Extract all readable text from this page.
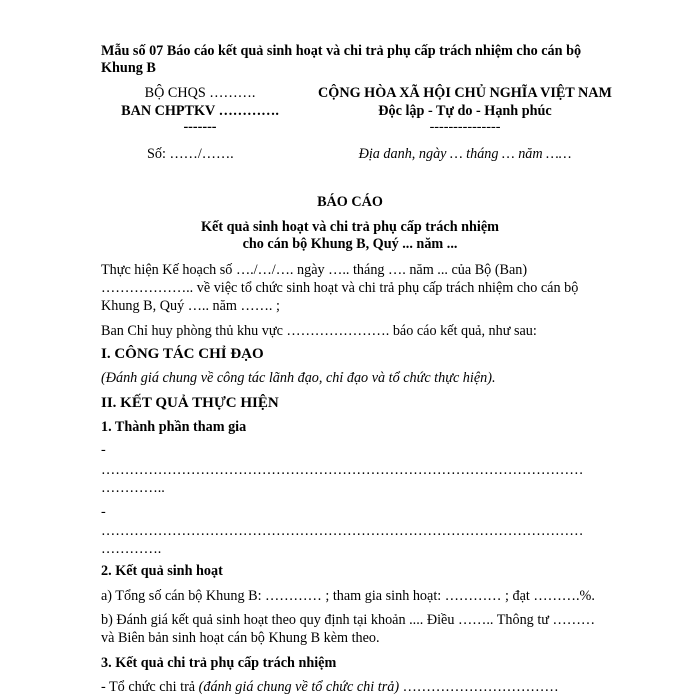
Mẫu số 07 Báo cáo kết quả sinh hoạt và chi trả phụ cấp trách nhiệm cho cán bộ
Khung B
BỘ CHQS ……….
BAN CHPTKV ………….
-------
Số: ……/…….
CỘNG HÒA XÃ HỘI CHỦ NGHĨA VIỆT NAM
Độc lập - Tự do - Hạnh phúc
---------------
Địa danh, ngày … tháng … năm ……
BÁO CÁO
Kết quả sinh hoạt và chi trả phụ cấp trách nhiệm
cho cán bộ Khung B, Quý ... năm ...
Thực hiện Kế hoạch số …./…/…. ngày ….. tháng …. năm ... của Bộ (Ban)
……………….. về việc tổ chức sinh hoạt và chi trả phụ cấp trách nhiệm cho cán bộ
Khung B, Quý ….. năm ……. ;
Ban Chỉ huy phòng thủ khu vực …………………. báo cáo kết quả, như sau:
I. CÔNG TÁC CHỈ ĐẠO
(Đánh giá chung về công tác lãnh đạo, chỉ đạo và tổ chức thực hiện).
II. KẾT QUẢ THỰC HIỆN
1. Thành phần tham gia
-
…………………………………………………………………………………………
…………..
-
…………………………………………………………………………………………
………….
2. Kết quả sinh hoạt
a) Tổng số cán bộ Khung B: ………… ; tham gia sinh hoạt: ………… ; đạt ……….%.
b) Đánh giá kết quả sinh hoạt theo quy định tại khoản .... Điều …….. Thông tư ………
và Biên bản sinh hoạt cán bộ Khung B kèm theo.
3. Kết quả chi trả phụ cấp trách nhiệm
- Tổ chức chi trả (đánh giá chung về tổ chức chi trả) ……………………………
